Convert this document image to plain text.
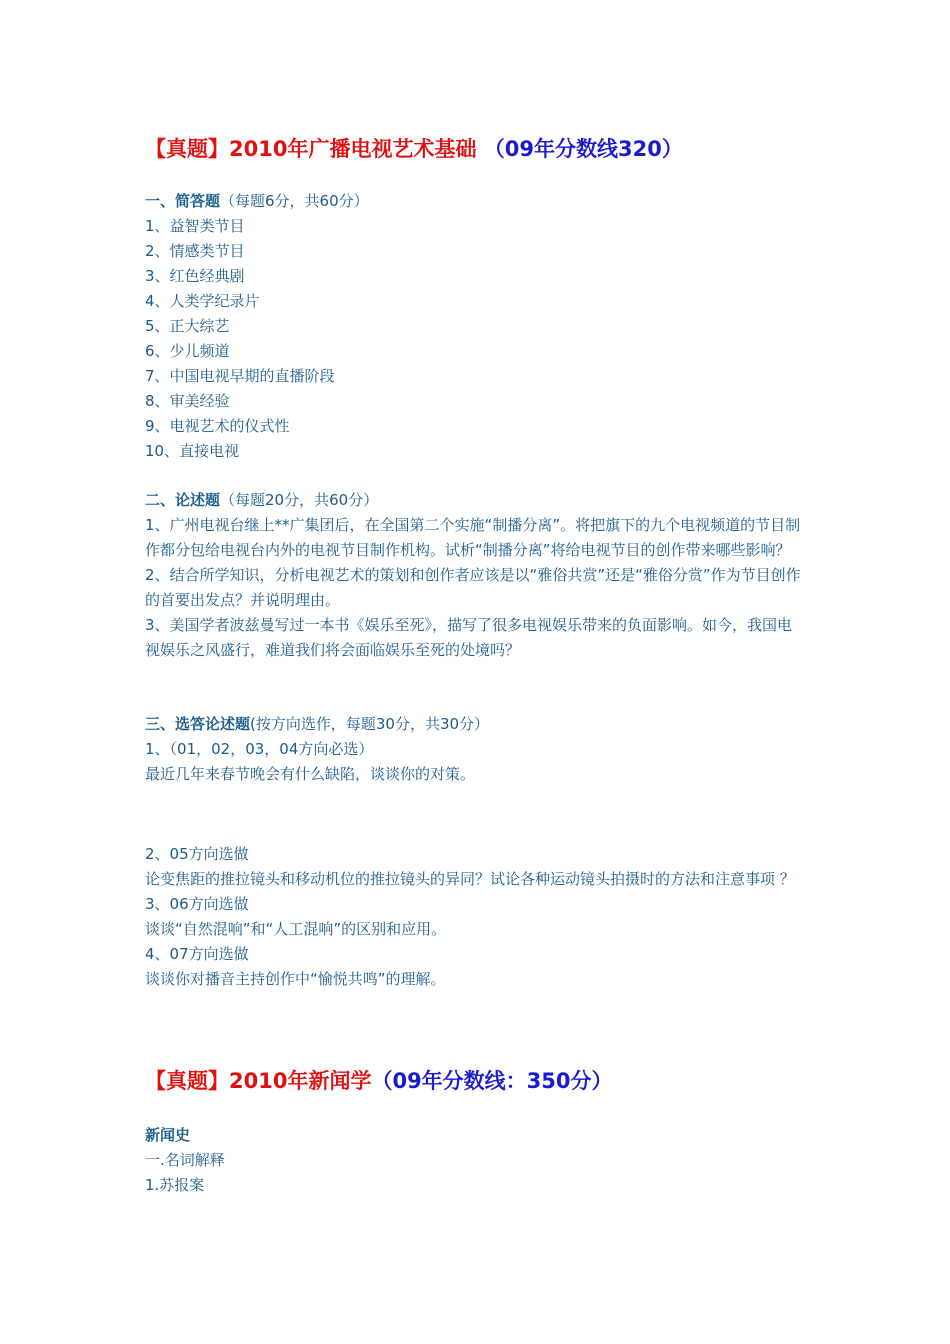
【真题】2010年广播电视艺术基础 （09年分数线320）
一、简答题（每题6分，共60分）
1、益智类节目
2、情感类节目
3、红色经典剧
4、人类学纪录片
5、正大综艺
6、少儿频道
7、中国电视早期的直播阶段
8、审美经验
9、电视艺术的仪式性
10、直接电视
二、论述题（每题20分，共60分）
1、广州电视台继上**广集团后，在全国第二个实施“制播分离”。将把旗下的九个电视频道的节目制作都分包给电视台内外的电视节目制作机构。试析“制播分离”将给电视节目的创作带来哪些影响？
2、结合所学知识，分析电视艺术的策划和创作者应该是以“雅俗共赏”还是“雅俗分赏”作为节目创作的首要出发点？并说明理由。
3、美国学者波兹曼写过一本书《娱乐至死》，描写了很多电视娱乐带来的负面影响。如今，我国电视娱乐之风盛行，难道我们将会面临娱乐至死的处境吗？
三、选答论述题(按方向选作，每题30分，共30分）
1、（01，02，03，04方向必选）
最近几年来春节晚会有什么缺陷，谈谈你的对策。
2、05方向选做
论变焦距的推拉镜头和移动机位的推拉镜头的异同？试论各种运动镜头拍摄时的方法和注意事项 ？
3、06方向选做
谈谈“自然混响”和“人工混响”的区别和应用。
4、07方向选做
谈谈你对播音主持创作中“愉悦共鸣”的理解。
【真题】2010年新闻学（09年分数线：350分）
新闻史
一.名词解释
1.苏报案
